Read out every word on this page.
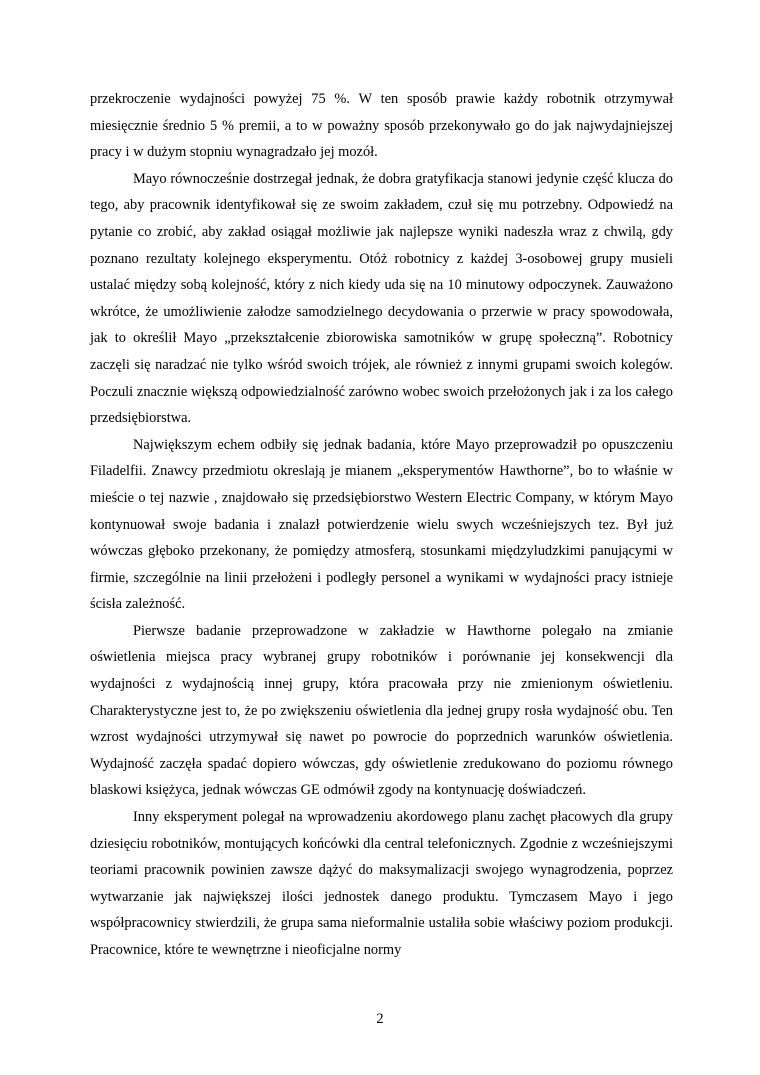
przekroczenie wydajności powyżej 75 %. W ten sposób prawie każdy robotnik otrzymywał miesięcznie średnio 5 % premii, a to w poważny sposób przekonywało go do jak najwydajniejszej pracy i w dużym stopniu wynagradzało jej mozół.

Mayo równocześnie dostrzegał jednak, że dobra gratyfikacja stanowi jedynie część klucza do tego, aby pracownik identyfikował się ze swoim zakładem, czuł się mu potrzebny. Odpowiedź na pytanie co zrobić, aby zakład osiągał możliwie jak najlepsze wyniki nadeszła wraz z chwilą, gdy poznano rezultaty kolejnego eksperymentu. Otóż robotnicy z każdej 3-osobowej grupy musieli ustalać między sobą kolejność, który z nich kiedy uda się na 10 minutowy odpoczynek. Zauważono wkrótce, że umożliwienie załodze samodzielnego decydowania o przerwie w pracy spowodowała, jak to określił Mayo „przekształcenie zbiorowiska samotników w grupę społeczną”. Robotnicy zaczęli się naradzać nie tylko wśród swoich trójek, ale również z innymi grupami swoich kolegów. Poczuli znacznie większą odpowiedzialność zarówno wobec swoich przełożonych jak i za los całego przedsiębiorstwa.

Największym echem odbiły się jednak badania, które Mayo przeprowadził po opuszczeniu Filadelfii. Znawcy przedmiotu okreslają je mianem „eksperymentów Hawthorne”, bo to właśnie w mieście o tej nazwie , znajdowało się przedsiębiorstwo Western Electric Company, w którym Mayo kontynuował swoje badania i znalazł potwierdzenie wielu swych wcześniejszych tez. Był już wówczas głęboko przekonany, że pomiędzy atmosferą, stosunkami międzyludzkimi panującymi w firmie, szczególnie na linii przełożeni i podległy personel a wynikami w wydajności pracy istnieje ścisła zależność.

Pierwsze badanie przeprowadzone w zakładzie w Hawthorne polegało na zmianie oświetlenia miejsca pracy wybranej grupy robotników i porównanie jej konsekwencji dla wydajności z wydajnością innej grupy, która pracowała przy nie zmienionym oświetleniu. Charakterystyczne jest to, że po zwiększeniu oświetlenia dla jednej grupy rosła wydajność obu. Ten wzrost wydajności utrzymywał się nawet po powrocie do poprzednich warunków oświetlenia. Wydajność zaczęła spadać dopiero wówczas, gdy oświetlenie zredukowano do poziomu równego blaskowi księżyca, jednak wówczas GE odmówił zgody na kontynuację doświadczeń.

Inny eksperyment polegał na wprowadzeniu akordowego planu zachęt płacowych dla grupy dziesięciu robotników, montujących końcówki dla central telefonicznych. Zgodnie z wcześniejszymi teoriami pracownik powinien zawsze dążyć do maksymalizacji swojego wynagrodzenia, poprzez wytwarzanie jak największej ilości jednostek danego produktu. Tymczasem Mayo i jego współpracownicy stwierdzili, że grupa sama nieformalnie ustaliła sobie właściwy poziom produkcji. Pracownice, które te wewnętrzne i nieoficjalne normy

2
